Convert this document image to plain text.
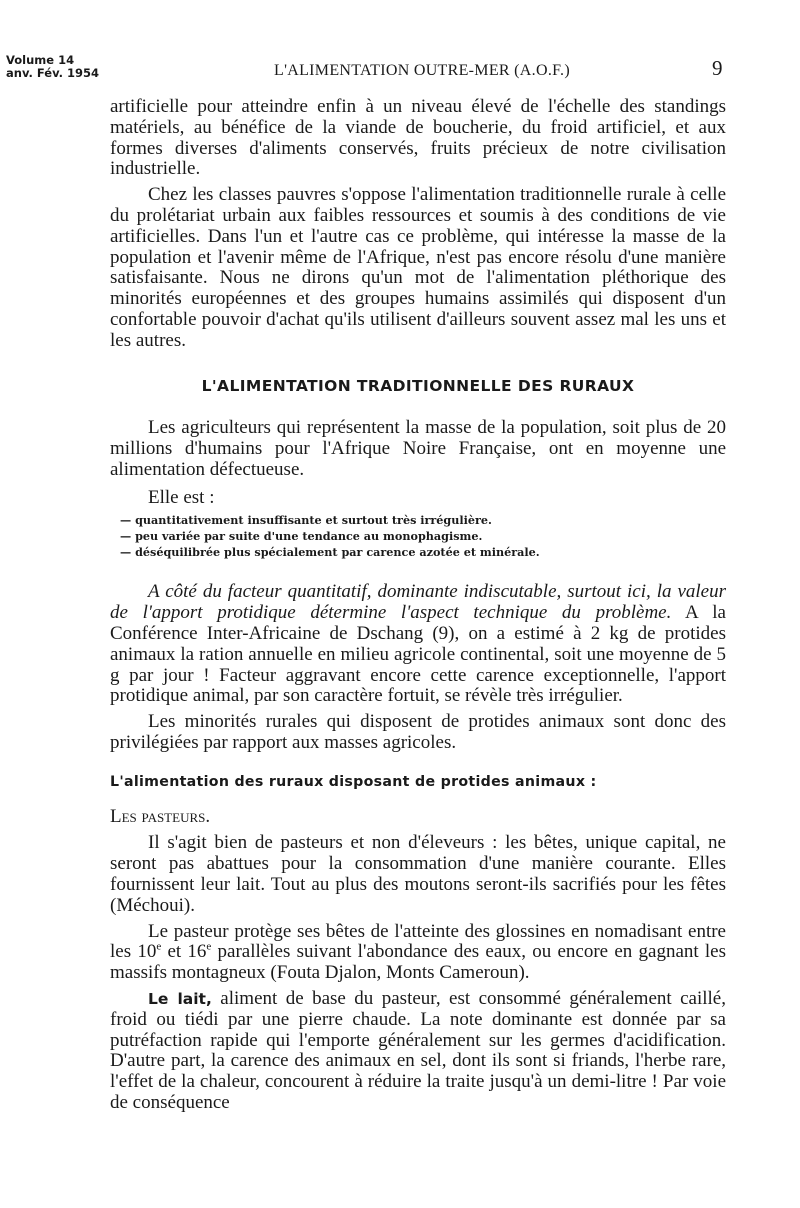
Volume 14
anv. Fév. 1954	L'ALIMENTATION OUTRE-MER (A.O.F.)	9

artificielle pour atteindre enfin à un niveau élevé de l'échelle des standings matériels, au bénéfice de la viande de boucherie, du froid artificiel, et aux formes diverses d'aliments conservés, fruits précieux de notre civilisation industrielle.

Chez les classes pauvres s'oppose l'alimentation traditionnelle rurale à celle du prolétariat urbain aux faibles ressources et soumis à des conditions de vie artificielles. Dans l'un et l'autre cas ce problème, qui intéresse la masse de la population et l'avenir même de l'Afrique, n'est pas encore résolu d'une manière satisfaisante. Nous ne dirons qu'un mot de l'alimentation pléthorique des minorités européennes et des groupes humains assimilés qui disposent d'un confortable pouvoir d'achat qu'ils utilisent d'ailleurs souvent assez mal les uns et les autres.

L'ALIMENTATION TRADITIONNELLE DES RURAUX

Les agriculteurs qui représentent la masse de la population, soit plus de 20 millions d'humains pour l'Afrique Noire Française, ont en moyenne une alimentation défectueuse.

Elle est :

— quantitativement insuffisante et surtout très irrégulière.
— peu variée par suite d'une tendance au monophagisme.
— déséquilibrée plus spécialement par carence azotée et minérale.

A côté du facteur quantitatif, dominante indiscutable, surtout ici, la valeur de l'apport protidique détermine l'aspect technique du problème. A la Conférence Inter-Africaine de Dschang (9), on a estimé à 2 kg de protides animaux la ration annuelle en milieu agricole continental, soit une moyenne de 5 g par jour ! Facteur aggravant encore cette carence exceptionnelle, l'apport protidique animal, par son caractère fortuit, se révèle très irrégulier.

Les minorités rurales qui disposent de protides animaux sont donc des privilégiées par rapport aux masses agricoles.

L'alimentation des ruraux disposant de protides animaux :

Les pasteurs.

Il s'agit bien de pasteurs et non d'éleveurs : les bêtes, unique capital, ne seront pas abattues pour la consommation d'une manière courante. Elles fournissent leur lait. Tout au plus des moutons seront-ils sacrifiés pour les fêtes (Méchoui).

Le pasteur protège ses bêtes de l'atteinte des glossines en nomadisant entre les 10e et 16e parallèles suivant l'abondance des eaux, ou encore en gagnant les massifs montagneux (Fouta Djalon, Monts Cameroun).

Le lait, aliment de base du pasteur, est consommé généralement caillé, froid ou tiédi par une pierre chaude. La note dominante est donnée par sa putréfaction rapide qui l'emporte généralement sur les germes d'acidification. D'autre part, la carence des animaux en sel, dont ils sont si friands, l'herbe rare, l'effet de la chaleur, concourent à réduire la traite jusqu'à un demi-litre ! Par voie de conséquence
